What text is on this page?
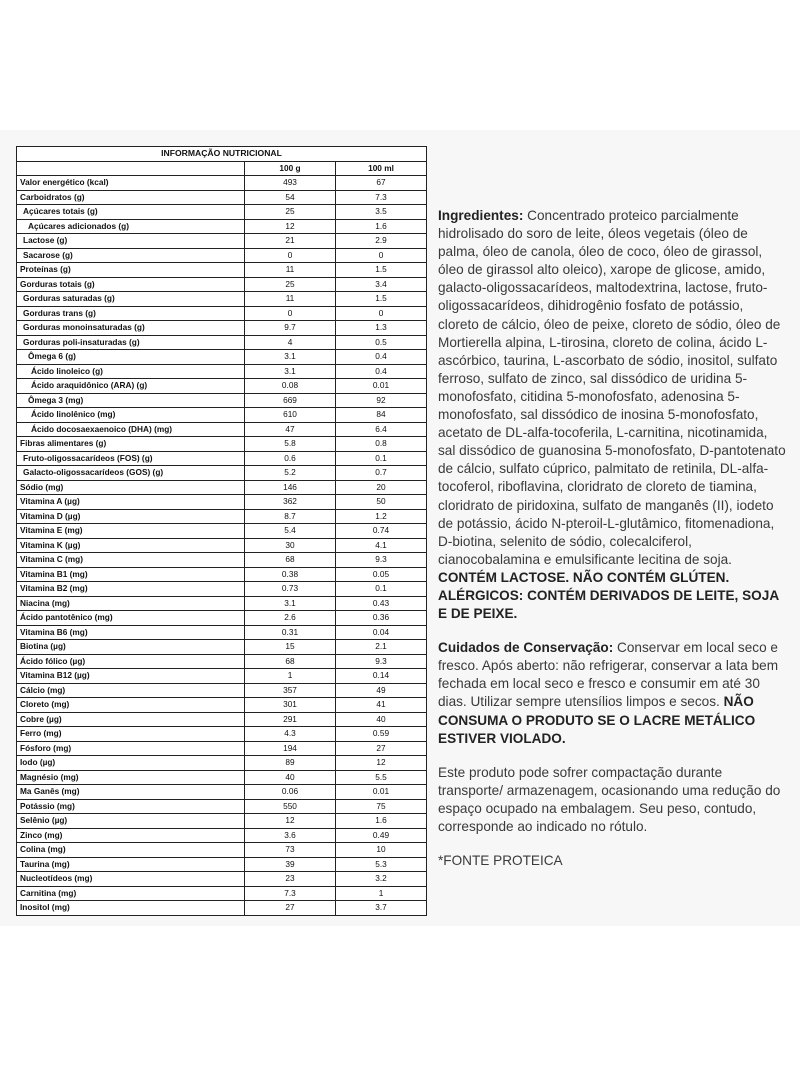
INFORMAÇÃO NUTRICIONAL		
	100 g	100 ml
Valor energético (kcal)	493	67
Carboidratos (g)	54	7.3
Açúcares totais (g)	25	3.5
Açúcares adicionados (g)	12	1.6
Lactose (g)	21	2.9
Sacarose (g)	0	0
Proteínas (g)	11	1.5
Gorduras totais (g)	25	3.4
Gorduras saturadas (g)	11	1.5
Gorduras trans (g)	0	0
Gorduras monoinsaturadas (g)	9.7	1.3
Gorduras poli-insaturadas (g)	4	0.5
Ômega 6 (g)	3.1	0.4
Ácido linoleico (g)	3.1	0.4
Ácido araquidônico (ARA) (g)	0.08	0.01
Ômega 3 (mg)	669	92
Ácido linolênico (mg)	610	84
Ácido docosaexaenoico (DHA) (mg)	47	6.4
Fibras alimentares (g)	5.8	0.8
Fruto-oligossacarídeos (FOS) (g)	0.6	0.1
Galacto-oligossacarídeos (GOS) (g)	5.2	0.7
Sódio (mg)	146	20
Vitamina A (µg)	362	50
Vitamina D (µg)	8.7	1.2
Vitamina E (mg)	5.4	0.74
Vitamina K (µg)	30	4.1
Vitamina C (mg)	68	9.3
Vitamina B1 (mg)	0.38	0.05
Vitamina B2 (mg)	0.73	0.1
Niacina (mg)	3.1	0.43
Ácido pantotênico (mg)	2.6	0.36
Vitamina B6 (mg)	0.31	0.04
Biotina (µg)	15	2.1
Ácido fólico (µg)	68	9.3
Vitamina B12 (µg)	1	0.14
Cálcio (mg)	357	49
Cloreto (mg)	301	41
Cobre (µg)	291	40
Ferro (mg)	4.3	0.59
Fósforo (mg)	194	27
Iodo (µg)	89	12
Magnésio (mg)	40	5.5
Ma Ganês (mg)	0.06	0.01
Potássio (mg)	550	75
Selênio (µg)	12	1.6
Zinco (mg)	3.6	0.49
Colina (mg)	73	10
Taurina (mg)	39	5.3
Nucleotídeos (mg)	23	3.2
Carnitina (mg)	7.3	1
Inositol (mg)	27	3.7

Ingredientes: Concentrado proteico parcialmente hidrolisado do soro de leite, óleos vegetais (óleo de palma, óleo de canola, óleo de coco, óleo de girassol, óleo de girassol alto oleico), xarope de glicose, amido, galacto-oligossacarídeos, maltodextrina, lactose, fruto-oligossacarídeos, dihidrogênio fosfato de potássio, cloreto de cálcio, óleo de peixe, cloreto de sódio, óleo de Mortierella alpina, L-tirosina, cloreto de colina, ácido L-ascórbico, taurina, L-ascorbato de sódio, inositol, sulfato ferroso, sulfato de zinco, sal dissódico de uridina 5-monofosfato, citidina 5-monofosfato, adenosina 5-monofosfato, sal dissódico de inosina 5-monofosfato, acetato de DL-alfa-tocoferila, L-carnitina, nicotinamida, sal dissódico de guanosina 5-monofosfato, D-pantotenato de cálcio, sulfato cúprico, palmitato de retinila, DL-alfa-tocoferol, riboflavina, cloridrato de cloreto de tiamina, cloridrato de piridoxina, sulfato de manganês (II), iodeto de potássio, ácido N-pteroil-L-glutâmico, fitomenadiona, D-biotina, selenito de sódio, colecalciferol, cianocobalamina e emulsificante lecitina de soja. CONTÉM LACTOSE. NÃO CONTÉM GLÚTEN. ALÉRGICOS: CONTÉM DERIVADOS DE LEITE, SOJA E DE PEIXE.

Cuidados de Conservação: Conservar em local seco e fresco. Após aberto: não refrigerar, conservar a lata bem fechada em local seco e fresco e consumir em até 30 dias. Utilizar sempre utensílios limpos e secos. NÃO CONSUMA O PRODUTO SE O LACRE METÁLICO ESTIVER VIOLADO.

Este produto pode sofrer compactação durante transporte/ armazenagem, ocasionando uma redução do espaço ocupado na embalagem. Seu peso, contudo, corresponde ao indicado no rótulo.

*FONTE PROTEICA
